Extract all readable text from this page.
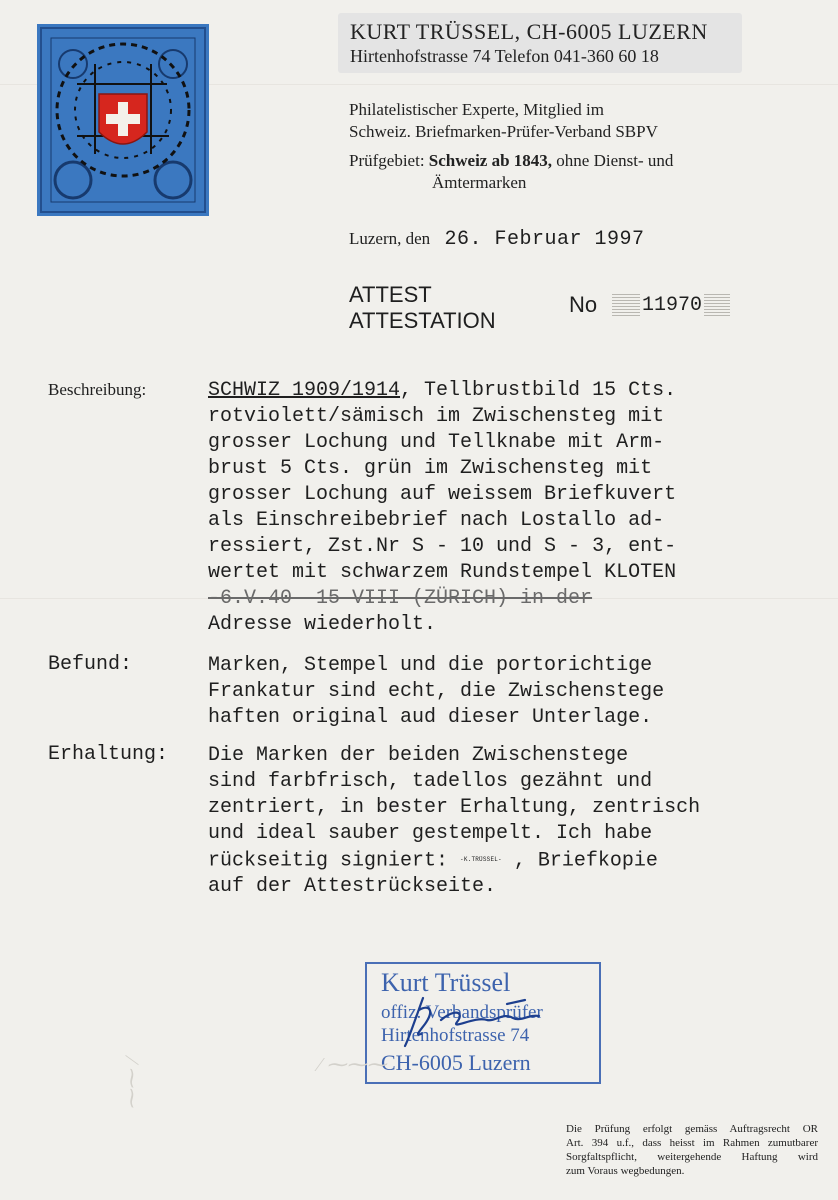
KURT TRÜSSEL, CH-6005 LUZERN
Hirtenhofstrasse 74 Telefon 041-360 60 18
Philatelistischer Experte, Mitglied im
Schweiz. Briefmarken-Prüfer-Verband SBPV
Prüfgebiet: Schweiz ab 1843, ohne Dienst- und
Ämtermarken
Luzern, den 26. Februar 1997
ATTEST
ATTESTATION
No 11970
Beschreibung:	SCHWIZ 1909/1914, Tellbrustbild 15 Cts.
rotviolett/sämisch im Zwischensteg mit
grosser Lochung und Tellknabe mit Arm-
brust 5 Cts. grün im Zwischensteg mit
grosser Lochung auf weissem Briefkuvert
als Einschreibebrief nach Lostallo ad-
ressiert, Zst.Nr S - 10 und S - 3, ent-
wertet mit schwarzem Rundstempel KLOTEN
-6.V.40  15 VIII (ZÜRICH) in der
Adresse wiederholt.
Befund:	Marken, Stempel und die portorichtige
Frankatur sind echt, die Zwischenstege
haften original aud dieser Unterlage.
Erhaltung: Die Marken der beiden Zwischenstege
sind farbfrisch, tadellos gezähnt und
zentriert, in bester Erhaltung, zentrisch
und ideal sauber gestempelt. Ich habe
rückseitig signiert: -K.TRÜSSEL- , Briefkopie
auf der Attestrückseite.
Kurt Trüssel
offiz. Verbandsprüfer
Hirtenhofstrasse 74
CH-6005 Luzern
⁄ ⁓⁓⁓
⁄ ⁓⁓
Die Prüfung erfolgt gemäss Auftragsrecht OR
Art. 394 u.f., dass heisst im Rahmen zumutbarer
Sorgfaltspflicht, weitergehende Haftung wird
zum Voraus wegbedungen.
